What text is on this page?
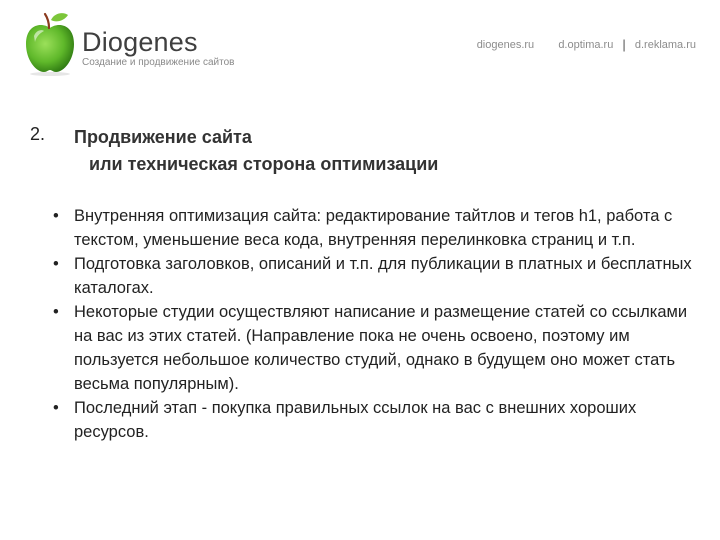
Diogenes
Создание и продвижение сайтов
diogenes.ru d.optima.ru | d.reklama.ru
2. Продвижение сайта
или техническая сторона оптимизации
• Внутренняя оптимизация сайта: редактирование тайтлов и тегов h1, работа с текстом, уменьшение веса кода, внутренняя перелинковка страниц и т.п.
• Подготовка заголовков, описаний и т.п. для публикации в платных и бесплатных каталогах.
• Некоторые студии осуществляют написание и размещение статей со ссылками на вас из этих статей. (Направление пока не очень освоено, поэтому им пользуется небольшое количество студий, однако в будущем оно может стать весьма популярным).
• Последний этап - покупка правильных ссылок на вас с внешних хороших ресурсов.
